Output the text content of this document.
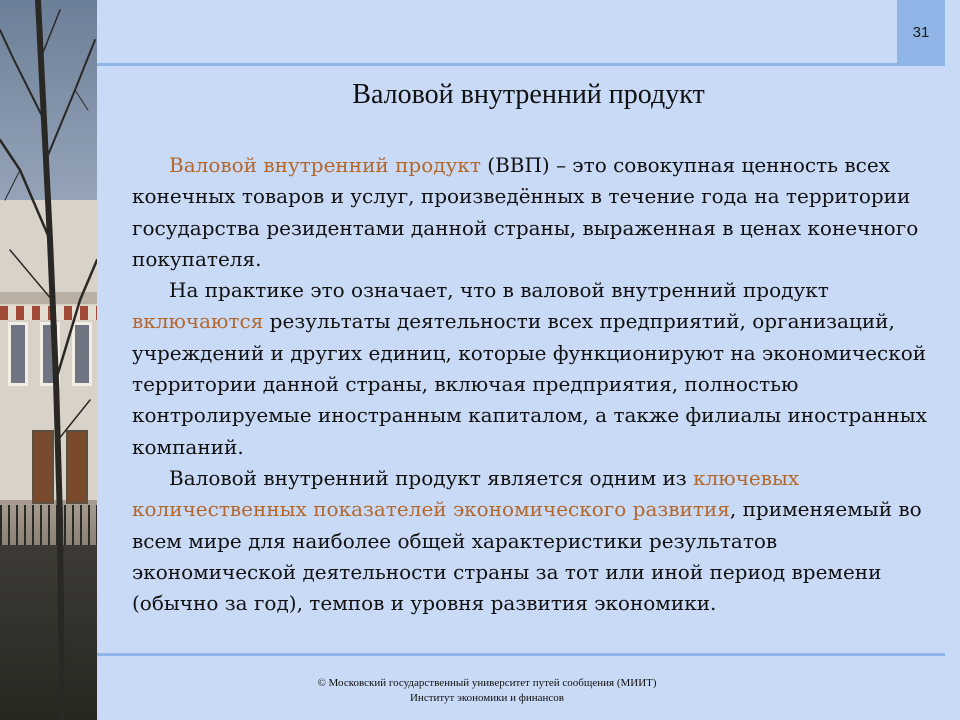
31
Валовой внутренний продукт

Валовой внутренний продукт (ВВП) – это совокупная ценность всех конечных товаров и услуг, произведённых в течение года на территории государства резидентами данной страны, выраженная в ценах конечного покупателя.

На практике это означает, что в валовой внутренний продукт включаются результаты деятельности всех предприятий, организаций, учреждений и других единиц, которые функционируют на экономической территории данной страны, включая предприятия, полностью контролируемые иностранным капиталом, а также филиалы иностранных компаний.

Валовой внутренний продукт является одним из ключевых количественных показателей экономического развития, применяемый во всем мире для наиболее общей характеристики результатов экономической деятельности страны за тот или иной период времени (обычно за год), темпов и уровня развития экономики.

© Московский государственный университет путей сообщения (МИИТ)
Институт экономики и финансов
